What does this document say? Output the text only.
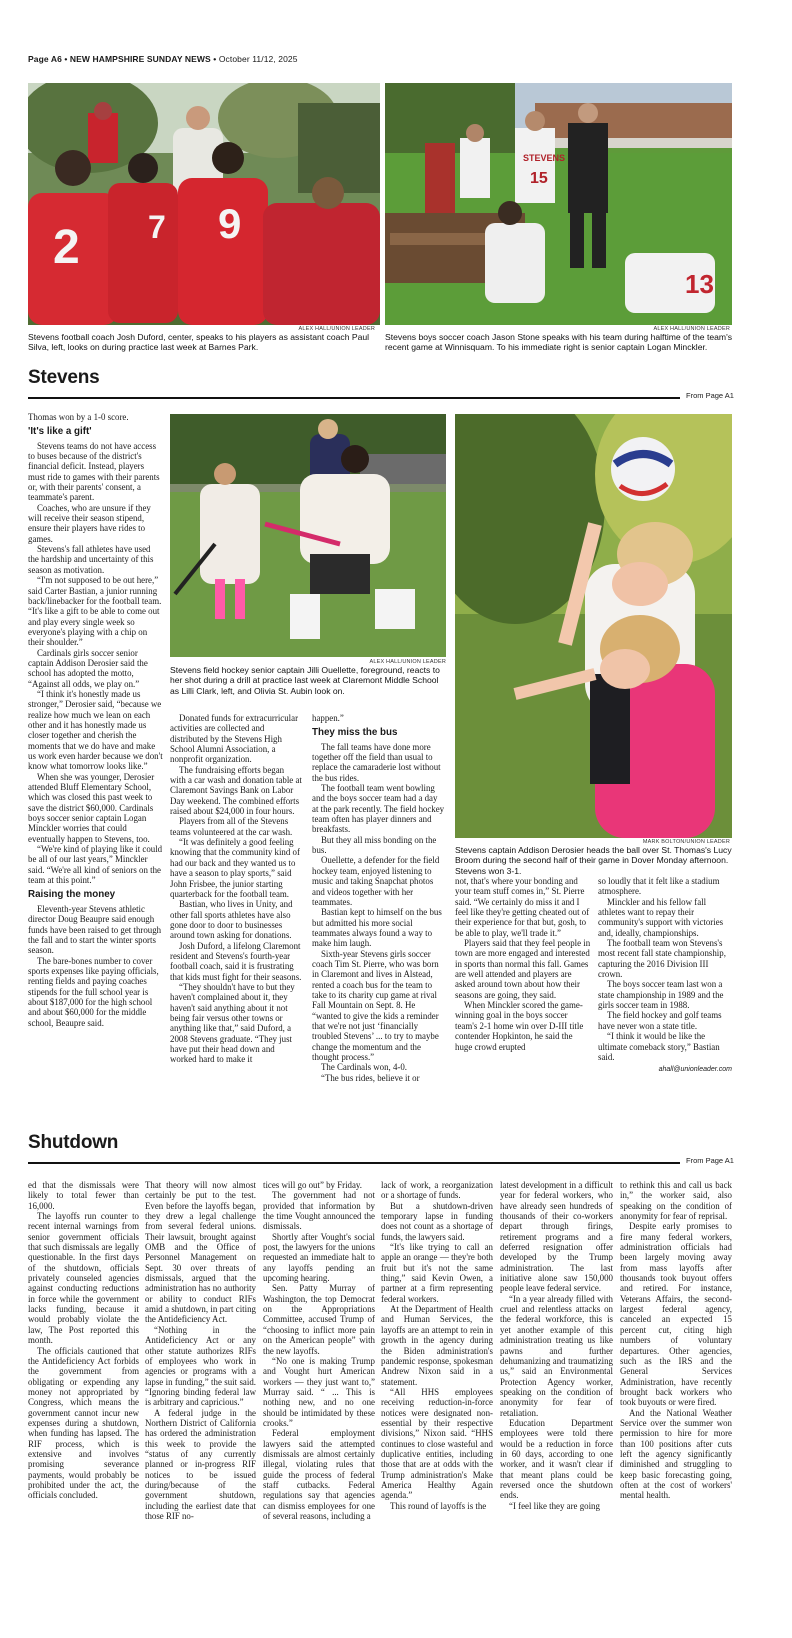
Page A6 • NEW HAMPSHIRE SUNDAY NEWS • October 11/12, 2025
2 7 9
ALEX HALL/UNION LEADER
Stevens football coach Josh Duford, center, speaks to his players as assistant coach Paul Silva, left, looks on during practice last week at Barnes Park.
STEVENS
15
13
ALEX HALL/UNION LEADER
Stevens boys soccer coach Jason Stone speaks with his team during halftime of the team's recent game at Winnisquam. To his immediate right is senior captain Logan Minckler.
Stevens
From Page A1
ALEX HALL/UNION LEADER
Stevens field hockey senior captain Jilli Ouellette, foreground, reacts to her shot during a drill at practice last week at Claremont Middle School as Lilli Clark, left, and Olivia St. Aubin look on.
MARK BOLTON/UNION LEADER
Stevens captain Addison Derosier heads the ball over St. Thomas's Lucy Broom during the second half of their game in Dover Monday afternoon. Stevens won 3-1.

Thomas won by a 1-0 score.

'It's like a gift'

Stevens teams do not have access to buses because of the district's financial deficit. Instead, players must ride to games with their parents or, with their parents' consent, a teammate's parent.

Coaches, who are unsure if they will receive their season stipend, ensure their players have rides to games.

Stevens's fall athletes have used the hardship and uncertainty of this season as motivation.

“I'm not supposed to be out here,” said Carter Bastian, a junior running back/linebacker for the football team. “It's like a gift to be able to come out and play every single week so everyone's playing with a chip on their shoulder.”

Cardinals girls soccer senior captain Addison Derosier said the school has adopted the motto, “Against all odds, we play on.”

“I think it's honestly made us stronger,” Derosier said, “because we realize how much we lean on each other and it has honestly made us closer together and cherish the moments that we do have and make us work even harder because we don't know what tomorrow looks like.”

When she was younger, Derosier attended Bluff Elementary School, which was closed this past week to save the district $60,000. Cardinals boys soccer senior captain Logan Minckler worries that could eventually happen to Stevens, too.

“We're kind of playing like it could be all of our last years,” Minckler said. “We're all kind of seniors on the team at this point.”

Raising the money

Eleventh-year Stevens athletic director Doug Beaupre said enough funds have been raised to get through the fall and to start the winter sports season.

The bare-bones number to cover sports expenses like paying officials, renting fields and paying coaches stipends for the full school year is about $187,000 for the high school and about $60,000 for the middle school, Beaupre said.

Donated funds for extracurricular activities are collected and distributed by the Stevens High School Alumni Association, a nonprofit organization.

The fundraising efforts began with a car wash and donation table at Claremont Savings Bank on Labor Day weekend. The combined efforts raised about $24,000 in four hours.

Players from all of the Stevens teams volunteered at the car wash.

“It was definitely a good feeling knowing that the community kind of had our back and they wanted us to have a season to play sports,” said John Frisbee, the junior starting quarterback for the football team.

Bastian, who lives in Unity, and other fall sports athletes have also gone door to door to businesses around town asking for donations.

Josh Duford, a lifelong Claremont resident and Stevens's fourth-year football coach, said it is frustrating that kids must fight for their seasons.

“They shouldn't have to but they haven't complained about it, they haven't said anything about it not being fair versus other towns or anything like that,” said Duford, a 2008 Stevens graduate. “They just have put their head down and worked hard to make it

happen.”

They miss the bus

The fall teams have done more together off the field than usual to replace the camaraderie lost without the bus rides.

The football team went bowling and the boys soccer team had a day at the park recently. The field hockey team often has player dinners and breakfasts.

But they all miss bonding on the bus.

Ouellette, a defender for the field hockey team, enjoyed listening to music and taking Snapchat photos and videos together with her teammates.

Bastian kept to himself on the bus but admitted his more social teammates always found a way to make him laugh.

Sixth-year Stevens girls soccer coach Tim St. Pierre, who was born in Claremont and lives in Alstead, rented a coach bus for the team to take to its charity cup game at rival Fall Mountain on Sept. 8. He “wanted to give the kids a reminder that we're not just ‘financially troubled Stevens’ ... to try to maybe change the momentum and the thought process.”

The Cardinals won, 4-0.

“The bus rides, believe it or

not, that's where your bonding and your team stuff comes in,” St. Pierre said. “We certainly do miss it and I feel like they're getting cheated out of their experience for that but, gosh, to be able to play, we'll trade it.”

Players said that they feel people in town are more engaged and interested in sports than normal this fall. Games are well attended and players are asked around town about how their seasons are going, they said.

When Minckler scored the game-winning goal in the boys soccer team's 2-1 home win over D-III title contender Hopkinton, he said the huge crowd erupted

so loudly that it felt like a stadium atmosphere.

Minckler and his fellow fall athletes want to repay their community's support with victories and, ideally, championships.

The football team won Stevens's most recent fall state championship, capturing the 2016 Division III crown.

The boys soccer team last won a state championship in 1989 and the girls soccer team in 1988.

The field hockey and golf teams have never won a state title.

“I think it would be like the ultimate comeback story,” Bastian said.

ahall@unionleader.com

Shutdown
From Page A1

ed that the dismissals were likely to total fewer than 16,000.

The layoffs run counter to recent internal warnings from senior government officials that such dismissals are legally questionable. In the first days of the shutdown, officials privately counseled agencies against conducting reductions in force while the government lacks funding, because it would probably violate the law, The Post reported this month.

The officials cautioned that the Antideficiency Act forbids the government from obligating or expending any money not appropriated by Congress, which means the government cannot incur new expenses during a shutdown, when funding has lapsed. The RIF process, which is extensive and involves promising severance payments, would probably be prohibited under the act, the officials concluded.

That theory will now almost certainly be put to the test. Even before the layoffs began, they drew a legal challenge from several federal unions. Their lawsuit, brought against OMB and the Office of Personnel Management on Sept. 30 over threats of dismissals, argued that the administration has no authority or ability to conduct RIFs amid a shutdown, in part citing the Antideficiency Act.

“Nothing in the Antideficiency Act or any other statute authorizes RIFs of employees who work in agencies or programs with a lapse in funding,” the suit said. “Ignoring binding federal law is arbitrary and capricious.”

A federal judge in the Northern District of California has ordered the administration this week to provide the “status of any currently planned or in-progress RIF notices to be issued during/because of the government shutdown, including the earliest date that those RIF no-

tices will go out” by Friday.

The government had not provided that information by the time Vought announced the dismissals.

Shortly after Vought's social post, the lawyers for the unions requested an immediate halt to any layoffs pending an upcoming hearing.

Sen. Patty Murray of Washington, the top Democrat on the Appropriations Committee, accused Trump of “choosing to inflict more pain on the American people” with the new layoffs.

“No one is making Trump and Vought hurt American workers — they just want to,” Murray said. “ ... This is nothing new, and no one should be intimidated by these crooks.”

Federal employment lawyers said the attempted dismissals are almost certainly illegal, violating rules that guide the process of federal staff cutbacks. Federal regulations say that agencies can dismiss employees for one of several reasons, including a

lack of work, a reorganization or a shortage of funds.

But a shutdown-driven temporary lapse in funding does not count as a shortage of funds, the lawyers said.

“It's like trying to call an apple an orange — they're both fruit but it's not the same thing,” said Kevin Owen, a partner at a firm representing federal workers.

At the Department of Health and Human Services, the layoffs are an attempt to rein in growth in the agency during the Biden administration's pandemic response, spokesman Andrew Nixon said in a statement.

“All HHS employees receiving reduction-in-force notices were designated non-essential by their respective divisions,” Nixon said. “HHS continues to close wasteful and duplicative entities, including those that are at odds with the Trump administration's Make America Healthy Again agenda.”

This round of layoffs is the

latest development in a difficult year for federal workers, who have already seen hundreds of thousands of their co-workers depart through firings, retirement programs and a deferred resignation offer developed by the Trump administration. The last initiative alone saw 150,000 people leave federal service.

“In a year already filled with cruel and relentless attacks on the federal workforce, this is yet another example of this administration treating us like pawns and further dehumanizing and traumatizing us,” said an Environmental Protection Agency worker, speaking on the condition of anonymity for fear of retaliation.

Education Department employees were told there would be a reduction in force in 60 days, according to one worker, and it wasn't clear if that meant plans could be reversed once the shutdown ends.

“I feel like they are going

to rethink this and call us back in,” the worker said, also speaking on the condition of anonymity for fear of reprisal.

Despite early promises to fire many federal workers, administration officials had been largely moving away from mass layoffs after thousands took buyout offers and retired. For instance, Veterans Affairs, the second-largest federal agency, canceled an expected 15 percent cut, citing high numbers of voluntary departures. Other agencies, such as the IRS and the General Services Administration, have recently brought back workers who took buyouts or were fired.

And the National Weather Service over the summer won permission to hire for more than 100 positions after cuts left the agency significantly diminished and struggling to keep basic forecasting going, often at the cost of workers' mental health.
